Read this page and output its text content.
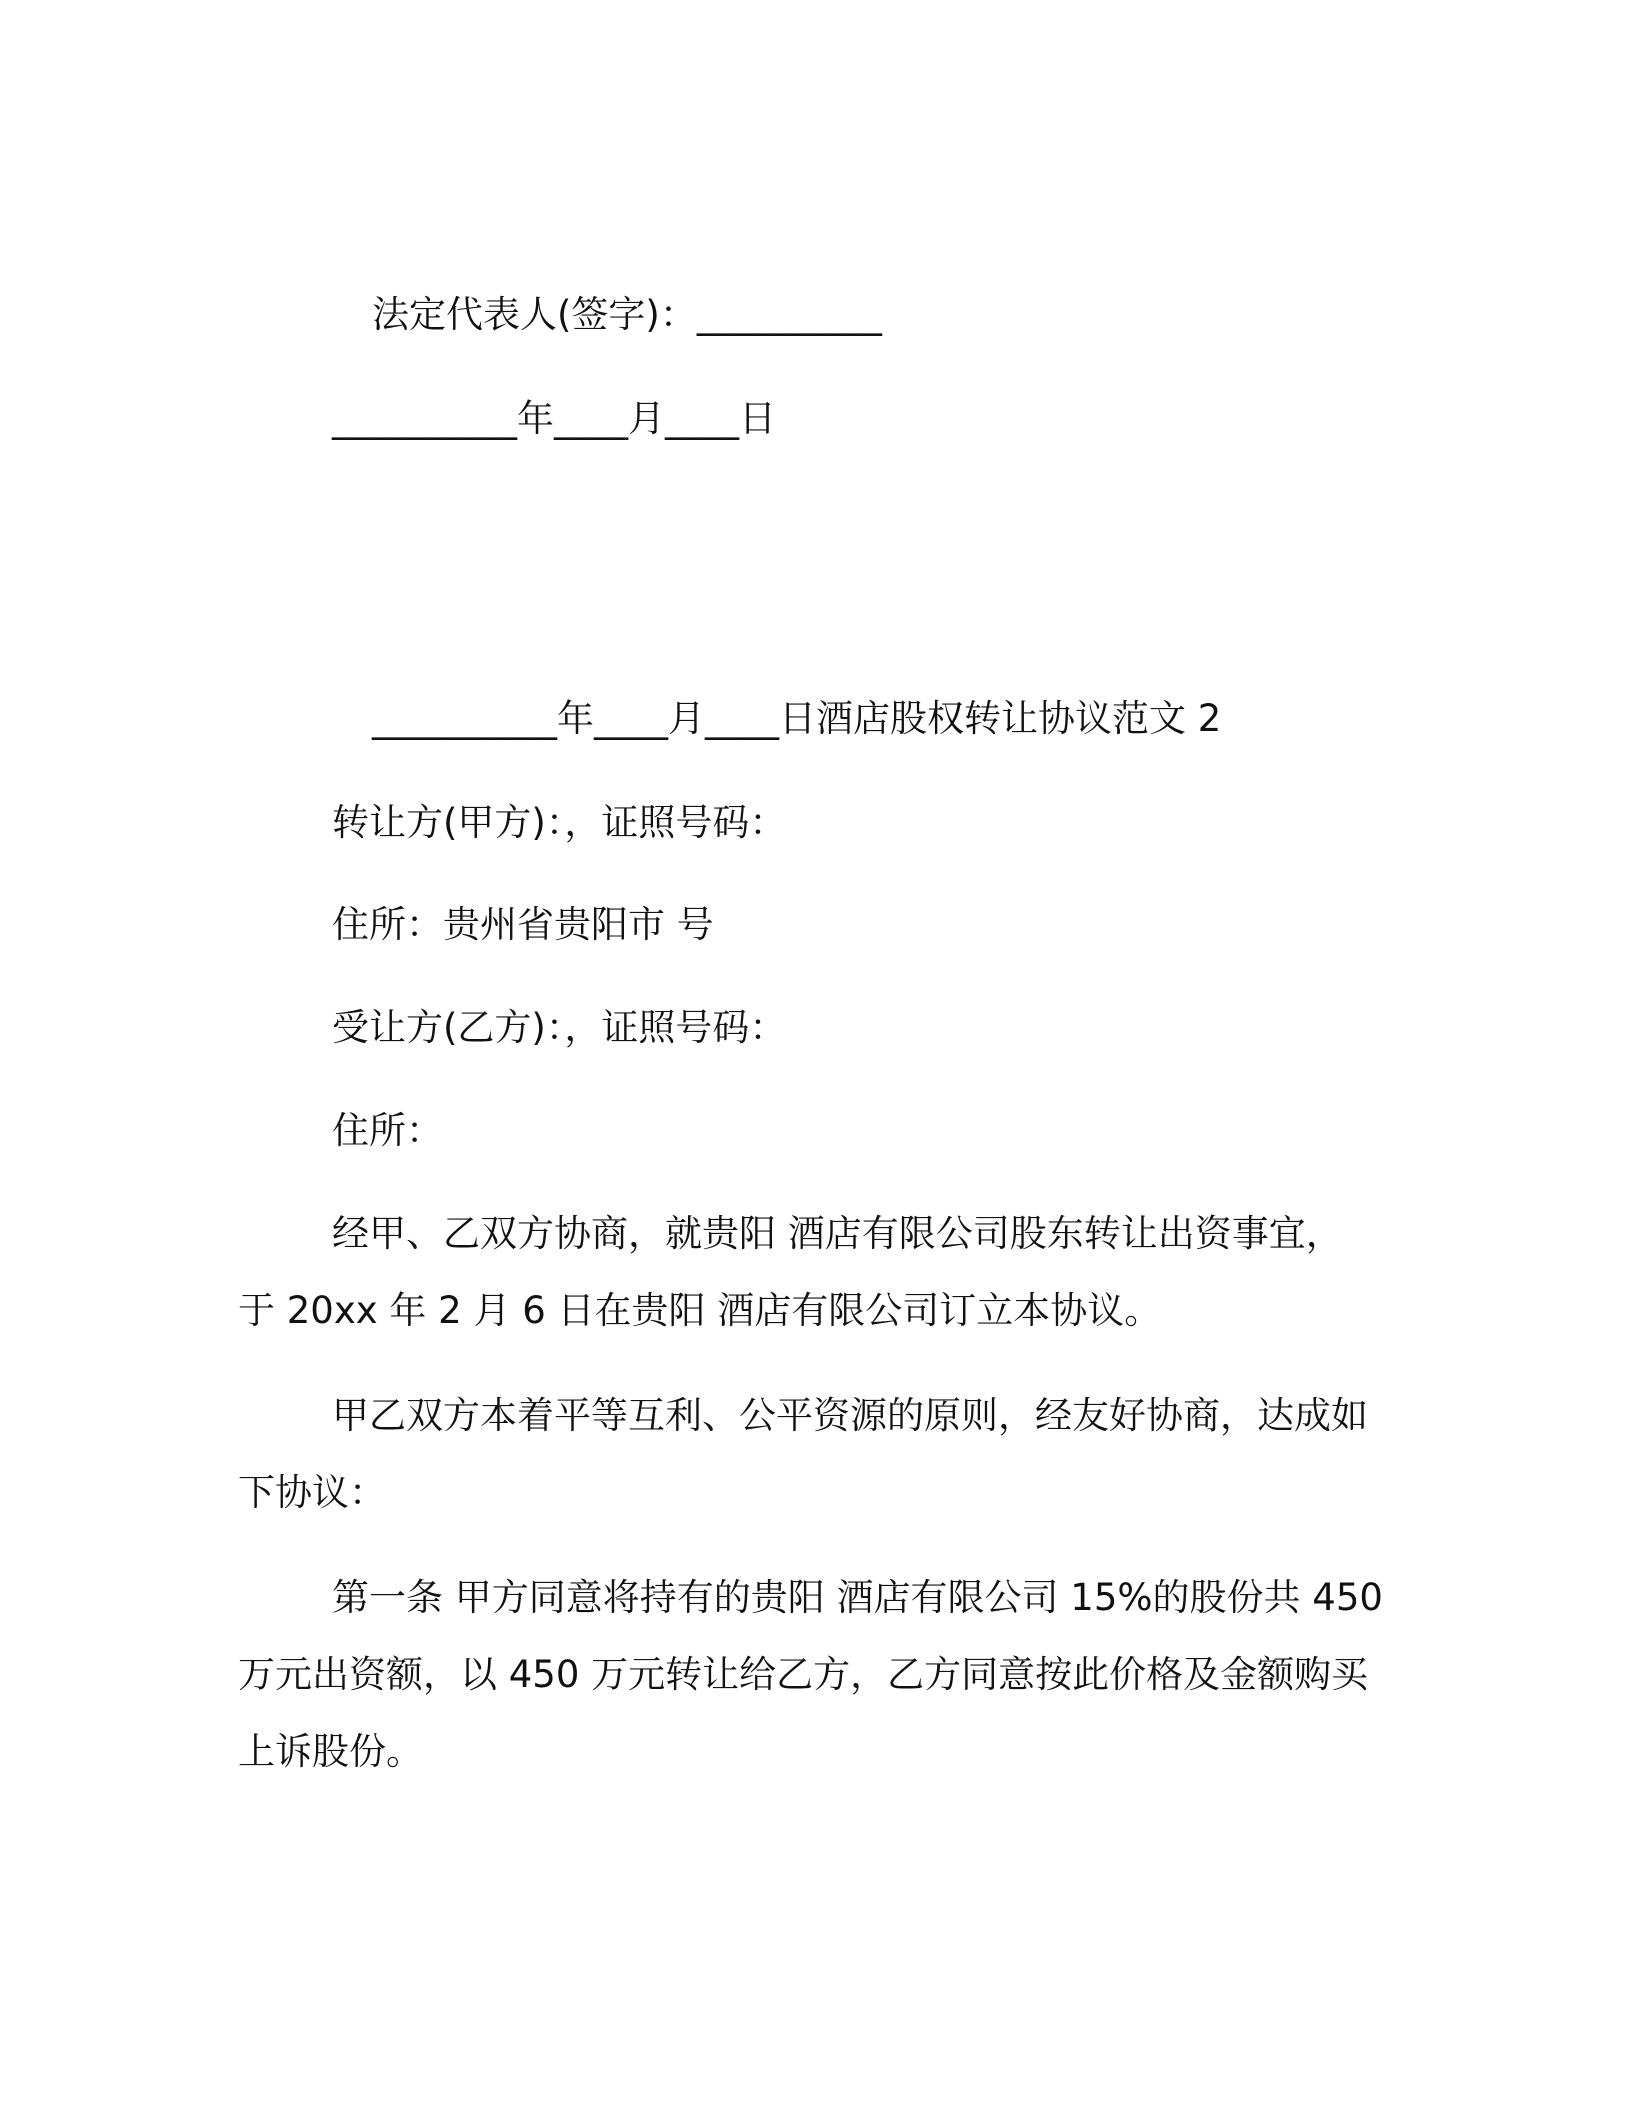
法定代表人(签字)：__________

__________年____月____日

__________年____月____日酒店股权转让协议范文 2

转让方(甲方)：，证照号码：

住所：贵州省贵阳市 号

受让方(乙方)：，证照号码：

住所：

经甲、乙双方协商，就贵阳 酒店有限公司股东转让出资事宜，

于 20xx 年 2 月 6 日在贵阳 酒店有限公司订立本协议。

甲乙双方本着平等互利、公平资源的原则，经友好协商，达成如

下协议：

第一条 甲方同意将持有的贵阳 酒店有限公司 15%的股份共 450

万元出资额，以 450 万元转让给乙方，乙方同意按此价格及金额购买

上诉股份。
